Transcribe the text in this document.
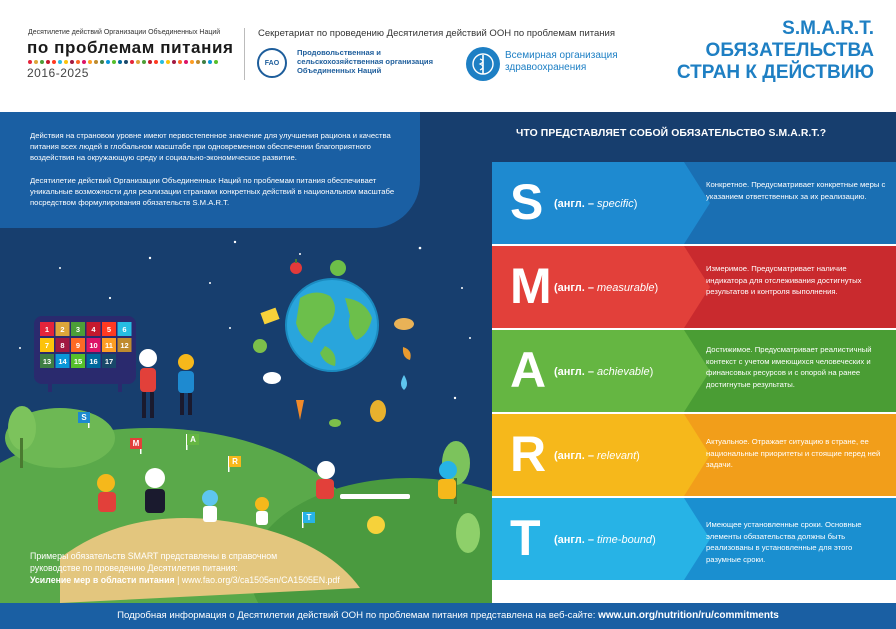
Десятилетие действий Организации Объединенных Наций
по проблемам питания
2016-2025
Секретариат по проведению Десятилетия действий ООН по проблемам питания
FAO
Продовольственная и сельскохозяйственная организация Объединенных Наций
Всемирная организация здравоохранения
S.M.A.R.T.
ОБЯЗАТЕЛЬСТВА
СТРАН К ДЕЙСТВИЮ

Действия на страновом уровне имеют первостепенное значение для улучшения рациона и качества питания всех людей в глобальном масштабе при одновременном обеспечении благоприятного воздействия на окружающую среду и социально-экономическое развитие.

Десятилетие действий Организации Объединенных Наций по проблемам питания обеспечивает уникальные возможности для реализации странами конкретных действий в национальном масштабе посредством формулирования обязательств S.M.A.R.T.

1 2 3 4 5 6
7 8 9 10 11 12
13 14 15 16 17
S
M	A
R
T
Примеры обязательств SMART представлены в справочном
руководстве по проведению Десятилетия питания:
Усиление мер в области питания | www.fao.org/3/ca1505en/CA1505EN.pdf
ЧТО ПРЕДСТАВЛЯЕТ СОБОЙ ОБЯЗАТЕЛЬСТВО S.M.A.R.T.?
S (англ. – specific)
Конкретное. Предусматривает конкретные меры с указанием ответственных за их реализацию.
M (англ. – measurable)
Измеримое. Предусматривает наличие индикатора для отслеживания достигнутых результатов и контроля выполнения.
A (англ. – achievable)
Достижимое. Предусматривает реалистичный контекст с учетом имеющихся человеческих и финансовых ресурсов и с опорой на ранее достигнутые результаты.
R (англ. – relevant)
Актуальное. Отражает ситуацию в стране, ее национальные приоритеты и стоящие перед ней задачи.
T (англ. – time-bound)
Имеющее установленные сроки. Основные элементы обязательства должны быть реализованы в установленные для этого разумные сроки.
Подробная информация о Десятилетии действий ООН по проблемам питания представлена на веб-сайте: www.un.org/nutrition/ru/commitments
